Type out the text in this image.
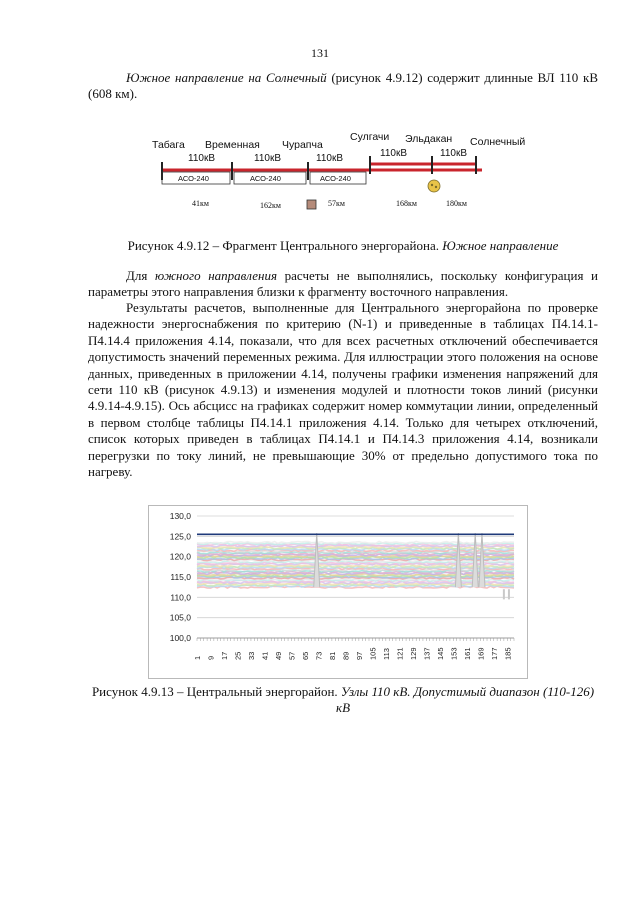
131

Южное направление на Солнечный (рисунок 4.9.12) содержит длинные ВЛ 110 кВ (608 км).

Табага Временная Чурапча
Сулгачи Эльдакан Солнечный
110кВ	110кВ	110кВ	110кВ	110кВ
АСО-240	АСО-240	АСО-240
41км	162км	57км	168км	180км
Рисунок 4.9.12 – Фрагмент Центрального энергорайона. Южное направление

Для южного направления расчеты не выполнялись, поскольку конфигурация и параметры этого направления близки к фрагменту восточного направления.

Результаты расчетов, выполненные для Центрального энергорайона по проверке надежности энергоснабжения по критерию (N-1) и приведенные в таблицах П4.14.1-П4.14.4 приложения 4.14, показали, что для всех расчетных отключений обеспечивается допустимость значений переменных режима. Для иллюстрации этого положения на основе данных, приведенных в приложении 4.14, получены графики изменения напряжений для сети 110 кВ (рисунок 4.9.13) и изменения модулей и плотности токов линий (рисунки 4.9.14-4.9.15). Ось абсцисс на графиках содержит номер коммутации линии, определенный в первом столбце таблицы П4.14.1 приложения 4.14. Только для четырех отключений, список которых приведен в таблицах П4.14.1 и П4.14.3 приложения 4.14, возникали перегрузки по току линий, не превышающие 30% от предельно допустимого тока по нагреву.

130,0
125,0
120,0
115,0
110,0
105,0
100,0
1 9 17 25 33 41 49 57 65 73 81 89 97 105 113 121 129 137 145 153 161 169 177 185
Рисунок 4.9.13 – Центральный энергорайон. Узлы 110 кВ. Допустимый диапазон (110-126) кВ
